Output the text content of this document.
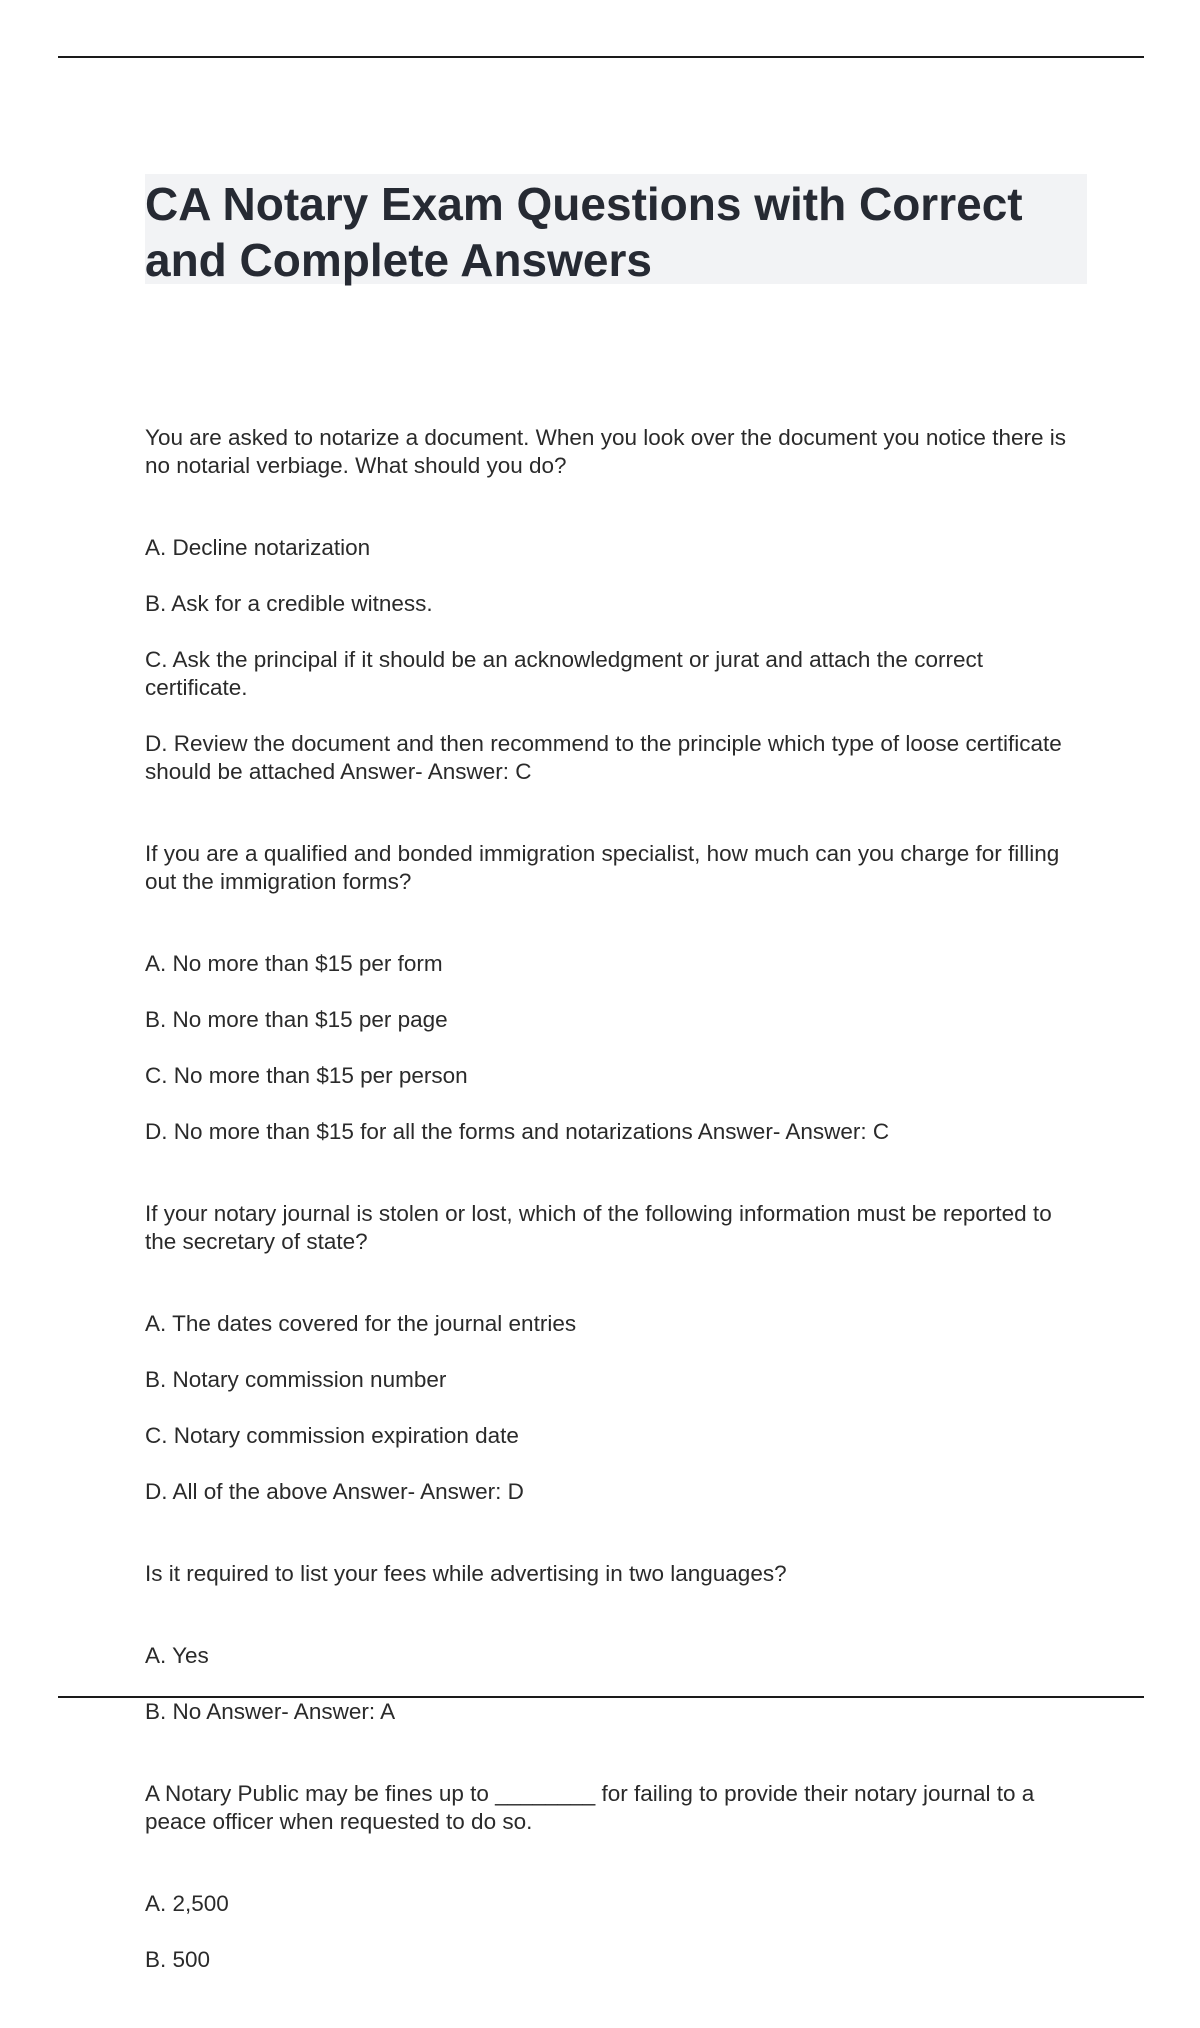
CA Notary Exam Questions with Correct and Complete Answers

You are asked to notarize a document. When you look over the document you notice there is no notarial verbiage. What should you do?

A. Decline notarization

B. Ask for a credible witness.

C. Ask the principal if it should be an acknowledgment or jurat and attach the correct certificate.

D. Review the document and then recommend to the principle which type of loose certificate should be attached Answer- Answer: C

If you are a qualified and bonded immigration specialist, how much can you charge for filling out the immigration forms?

A. No more than $15 per form

B. No more than $15 per page

C. No more than $15 per person

D. No more than $15 for all the forms and notarizations Answer- Answer: C

If your notary journal is stolen or lost, which of the following information must be reported to the secretary of state?

A. The dates covered for the journal entries

B. Notary commission number

C. Notary commission expiration date

D. All of the above Answer- Answer: D

Is it required to list your fees while advertising in two languages?

A. Yes

B. No Answer- Answer: A

A Notary Public may be fines up to ________ for failing to provide their notary journal to a peace officer when requested to do so.

A. 2,500

B. 500
